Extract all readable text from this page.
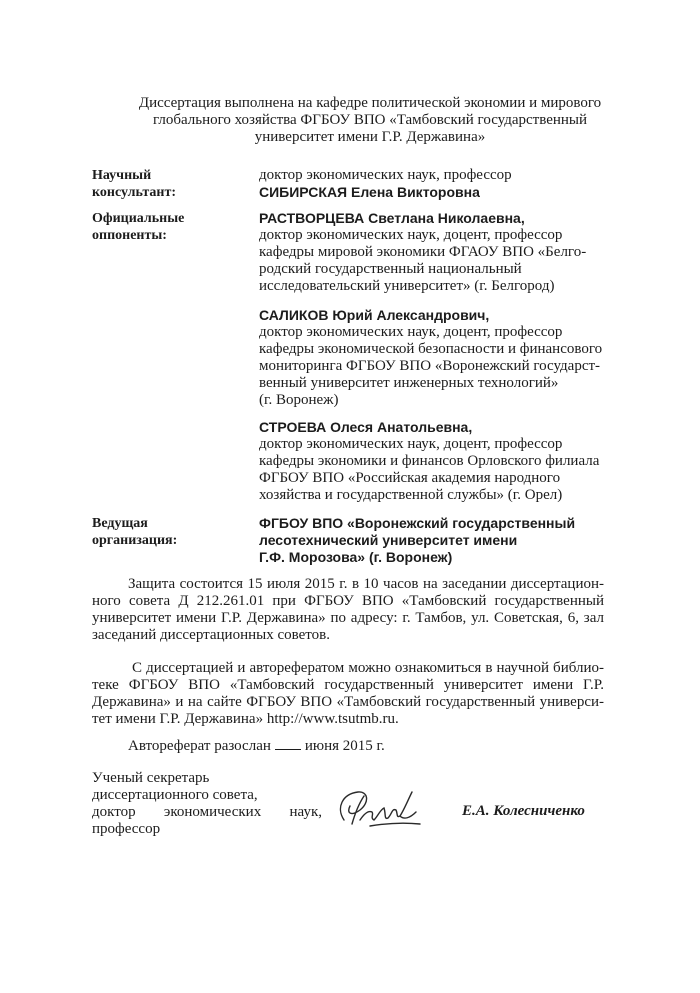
Диссертация выполнена на кафедре политической экономии и мирового
глобального хозяйства ФГБОУ ВПО «Тамбовский государственный
университет имени Г.Р. Державина»
Научный
консультант:
доктор экономических наук, профессор
СИБИРСКАЯ Елена Викторовна
Официальные
оппоненты:
РАСТВОРЦЕВА Светлана Николаевна,
доктор экономических наук, доцент, профессор
кафедры мировой экономики ФГАОУ ВПО «Белго-
родский государственный национальный
исследовательский университет» (г. Белгород)
САЛИКОВ Юрий Александрович,
доктор экономических наук, доцент, профессор
кафедры экономической безопасности и финансового
мониторинга ФГБОУ ВПО «Воронежский государст-
венный университет инженерных технологий»
(г. Воронеж)
СТРОЕВА Олеся Анатольевна,
доктор экономических наук, доцент, профессор
кафедры экономики и финансов Орловского филиала
ФГБОУ ВПО «Российская академия народного
хозяйства и государственной службы» (г. Орел)
Ведущая
организация:
ФГБОУ ВПО «Воронежский государственный
лесотехнический университет имени
Г.Ф. Морозова» (г. Воронеж)
Защита состоится 15 июля 2015 г. в 10 часов на заседании диссертацион-
ного совета Д 212.261.01 при ФГБОУ ВПО «Тамбовский государственный
университет имени Г.Р. Державина» по адресу: г. Тамбов, ул. Советская, 6, зал
заседаний диссертационных советов.
С диссертацией и авторефератом можно ознакомиться в научной библио-
теке ФГБОУ ВПО «Тамбовский государственный университет имени Г.Р.
Державина» и на сайте ФГБОУ ВПО «Тамбовский государственный универси-
тет имени Г.Р. Державина» http://www.tsutmb.ru.
Автореферат разослан июня 2015 г.
Ученый секретарь
диссертационного совета,
доктор экономических наук,
профессор
Е.А. Колесниченко
